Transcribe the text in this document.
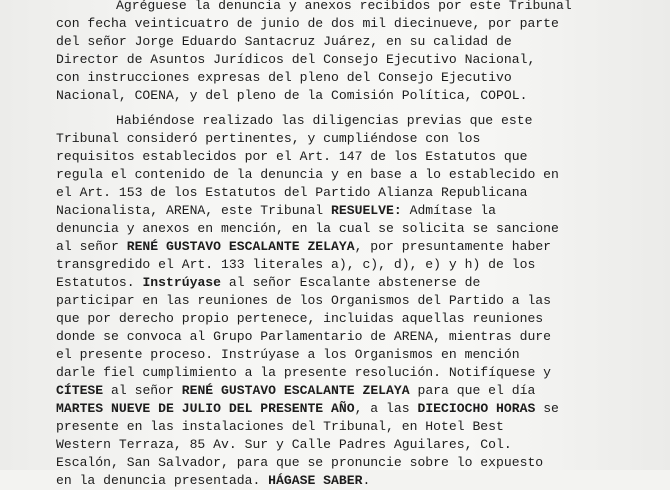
Agréguese la denuncia y anexos recibidos por este Tribunal
con fecha veinticuatro de junio de dos mil diecinueve, por parte
del señor Jorge Eduardo Santacruz Juárez, en su calidad de
Director de Asuntos Jurídicos del Consejo Ejecutivo Nacional,
con instrucciones expresas del pleno del Consejo Ejecutivo
Nacional, COENA, y del pleno de la Comisión Política, COPOL.
Habiéndose realizado las diligencias previas que este
Tribunal consideró pertinentes, y cumpliéndose con los
requisitos establecidos por el Art. 147 de los Estatutos que
regula el contenido de la denuncia y en base a lo establecido en
el Art. 153 de los Estatutos del Partido Alianza Republicana
Nacionalista, ARENA, este Tribunal RESUELVE: Admítase la
denuncia y anexos en mención, en la cual se solicita se sancione
al señor RENÉ GUSTAVO ESCALANTE ZELAYA, por presuntamente haber
transgredido el Art. 133 literales a), c), d), e) y h) de los
Estatutos. Instrúyase al señor Escalante abstenerse de
participar en las reuniones de los Organismos del Partido a las
que por derecho propio pertenece, incluidas aquellas reuniones
donde se convoca al Grupo Parlamentario de ARENA, mientras dure
el presente proceso. Instrúyase a los Organismos en mención
darle fiel cumplimiento a la presente resolución. Notifíquese y
CÍTESE al señor RENÉ GUSTAVO ESCALANTE ZELAYA para que el día
MARTES NUEVE DE JULIO DEL PRESENTE AÑO, a las DIECIOCHO HORAS se
presente en las instalaciones del Tribunal, en Hotel Best
Western Terraza, 85 Av. Sur y Calle Padres Aguilares, Col.
Escalón, San Salvador, para que se pronuncie sobre lo expuesto
en la denuncia presentada. HÁGASE SABER.
